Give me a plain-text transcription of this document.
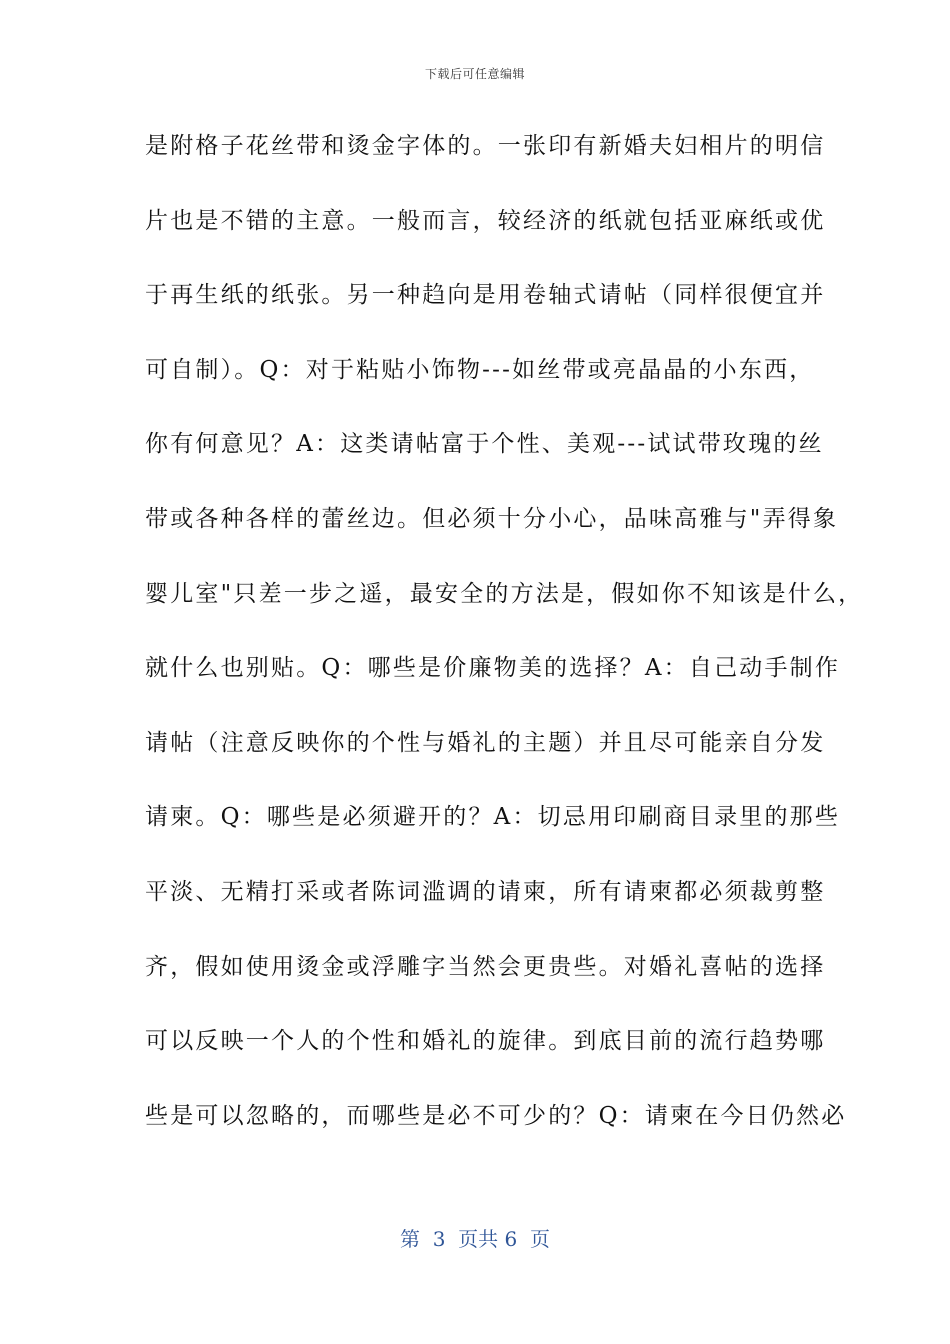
下载后可任意编辑
是附格子花丝带和烫金字体的。一张印有新婚夫妇相片的明信
片也是不错的主意。一般而言，较经济的纸就包括亚麻纸或优
于再生纸的纸张。另一种趋向是用卷轴式请帖（同样很便宜并
可自制）。Q：对于粘贴小饰物---如丝带或亮晶晶的小东西，
你有何意见？A：这类请帖富于个性、美观---试试带玫瑰的丝
带或各种各样的蕾丝边。但必须十分小心，品味高雅与"弄得象
婴儿室"只差一步之遥，最安全的方法是，假如你不知该是什么，
就什么也别贴。Q：哪些是价廉物美的选择？A：自己动手制作
请帖（注意反映你的个性与婚礼的主题）并且尽可能亲自分发
请柬。Q：哪些是必须避开的？A：切忌用印刷商目录里的那些
平淡、无精打采或者陈词滥调的请柬，所有请柬都必须裁剪整
齐，假如使用烫金或浮雕字当然会更贵些。对婚礼喜帖的选择
可以反映一个人的个性和婚礼的旋律。到底目前的流行趋势哪
些是可以忽略的，而哪些是必不可少的？Q：请柬在今日仍然必
第  3  页共 6  页
